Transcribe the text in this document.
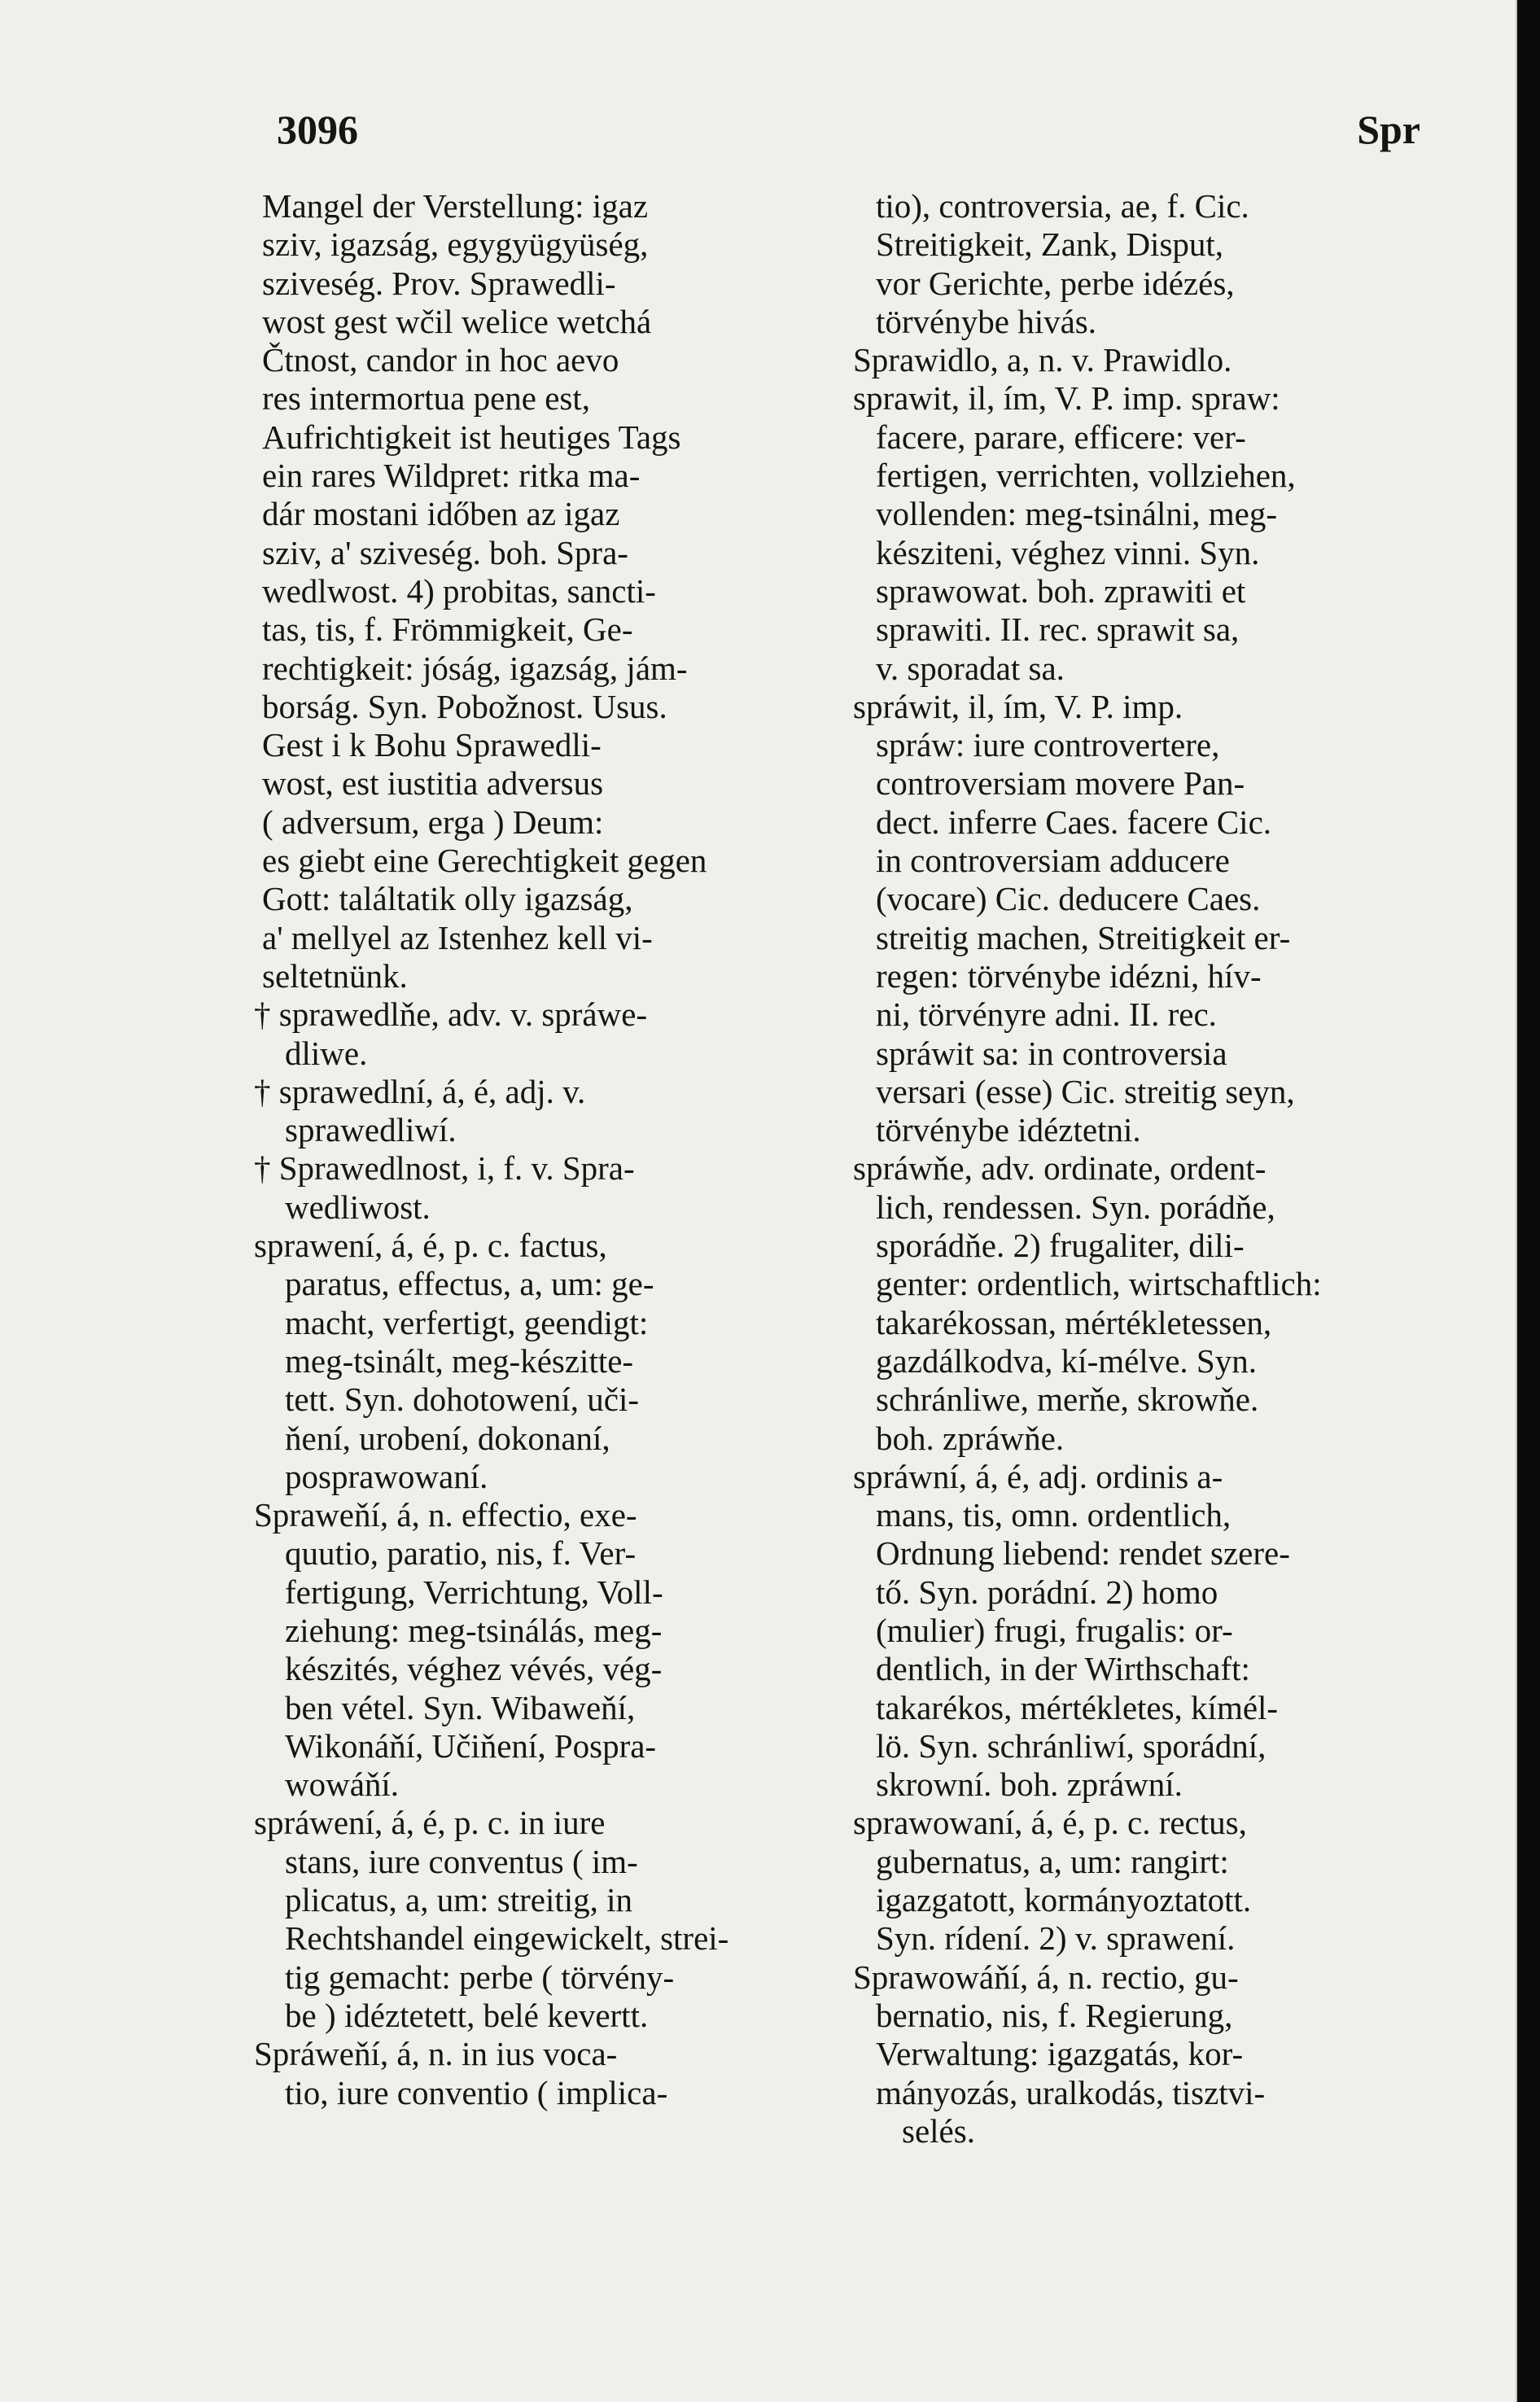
3096	Spr
Mangel der Verstellung: igaz
sziv, igazság, egygyügyüség,
sziveség. Prov. Sprawedli-
wost gest wčil welice wetchá
Čtnost, candor in hoc aevo
res intermortua pene est,
Aufrichtigkeit ist heutiges Tags
ein rares Wildpret: ritka ma-
dár mostani időben az igaz
sziv, a' sziveség. boh. Spra-
wedlwost. 4) probitas, sancti-
tas, tis, f. Frömmigkeit, Ge-
rechtigkeit: jóság, igazság, jám-
borság. Syn. Pobožnost. Usus.
Gest i k Bohu Sprawedli-
wost, est iustitia adversus
( adversum, erga ) Deum:
es giebt eine Gerechtigkeit gegen
Gott: találtatik olly igazság,
a' mellyel az Istenhez kell vi-
seltetnünk.
† sprawedlňe, adv. v. spráwe-
dliwe.
† sprawedlní, á, é, adj. v.
sprawedliwí.
† Sprawedlnost, i, f. v. Spra-
wedliwost.
sprawení, á, é, p. c. factus,
paratus, effectus, a, um: ge-
macht, verfertigt, geendigt:
meg-tsinált, meg-készitte-
tett. Syn. dohotowení, uči-
ňení, urobení, dokonaní,
posprawowaní.
Spraweňí, á, n. effectio, exe-
quutio, paratio, nis, f. Ver-
fertigung, Verrichtung, Voll-
ziehung: meg-tsinálás, meg-
készités, véghez vévés, vég-
ben vétel. Syn. Wibaweňí,
Wikonáňí, Učiňení, Pospra-
wowáňí.
spráwení, á, é, p. c. in iure
stans, iure conventus ( im-
plicatus, a, um: streitig, in
Rechtshandel eingewickelt, strei-
tig gemacht: perbe ( törvény-
be ) idéztetett, belé kevertt.
Spráweňí, á, n. in ius voca-
tio, iure conventio ( implica-
tio), controversia, ae, f. Cic.
Streitigkeit, Zank, Disput,
vor Gerichte, perbe idézés,
törvénybe hivás.
Sprawidlo, a, n. v. Prawidlo.
sprawit, il, ím, V. P. imp. spraw:
facere, parare, efficere: ver-
fertigen, verrichten, vollziehen,
vollenden: meg-tsinálni, meg-
késziteni, véghez vinni. Syn.
sprawowat. boh. zprawiti et
sprawiti. II. rec. sprawit sa,
v. sporadat sa.
spráwit, il, ím, V. P. imp.
spráw: iure controvertere,
controversiam movere Pan-
dect. inferre Caes. facere Cic.
in controversiam adducere
(vocare) Cic. deducere Caes.
streitig machen, Streitigkeit er-
regen: törvénybe idézni, hív-
ni, törvényre adni. II. rec.
spráwit sa: in controversia
versari (esse) Cic. streitig seyn,
törvénybe idéztetni.
spráwňe, adv. ordinate, ordent-
lich, rendessen. Syn. porádňe,
sporádňe. 2) frugaliter, dili-
genter: ordentlich, wirtschaftlich:
takarékossan, mértékletessen,
gazdálkodva, kí-mélve. Syn.
schránliwe, merňe, skrowňe.
boh. zpráwňe.
spráwní, á, é, adj. ordinis a-
mans, tis, omn. ordentlich,
Ordnung liebend: rendet szere-
tő. Syn. porádní. 2) homo
(mulier) frugi, frugalis: or-
dentlich, in der Wirthschaft:
takarékos, mértékletes, kímél-
lö. Syn. schránliwí, sporádní,
skrowní. boh. zpráwní.
sprawowaní, á, é, p. c. rectus,
gubernatus, a, um: rangirt:
igazgatott, kormányoztatott.
Syn. rídení. 2) v. sprawení.
Sprawowáňí, á, n. rectio, gu-
bernatio, nis, f. Regierung,
Verwaltung: igazgatás, kor-
mányozás, uralkodás, tisztvi-
selés.
